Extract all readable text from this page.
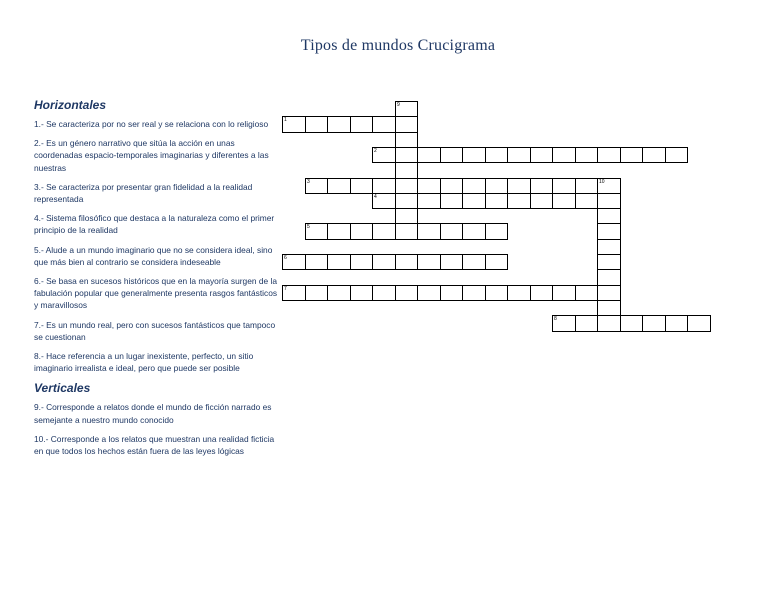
Tipos de mundos Crucigrama
Horizontales
1.- Se caracteriza por no ser real y se relaciona con lo religioso
2.- Es un género narrativo que sitúa la acción en unas coordenadas espacio-temporales imaginarias y diferentes a las nuestras
3.- Se caracteriza por presentar gran fidelidad a la realidad representada
4.- Sistema filosófico que destaca a la naturaleza como el primer principio de la realidad
5.- Alude a un mundo imaginario que no se considera ideal, sino que más bien al contrario se considera indeseable
6.- Se basa en sucesos históricos que en la mayoría surgen de la fabulación popular que generalmente presenta rasgos fantásticos y maravillosos
7.- Es un mundo real, pero con sucesos fantásticos que tampoco se cuestionan
8.- Hace referencia a un lugar inexistente, perfecto, un sitio imaginario irrealista e ideal, pero que puede ser posible
Verticales
9.- Corresponde a relatos donde el mundo de ficción narrado es semejante a nuestro mundo conocido
10.- Corresponde a los relatos que muestran una realidad ficticia en que todos los hechos están fuera de las leyes lógicas
1
2
3	10
4
5
6
7
8
9
